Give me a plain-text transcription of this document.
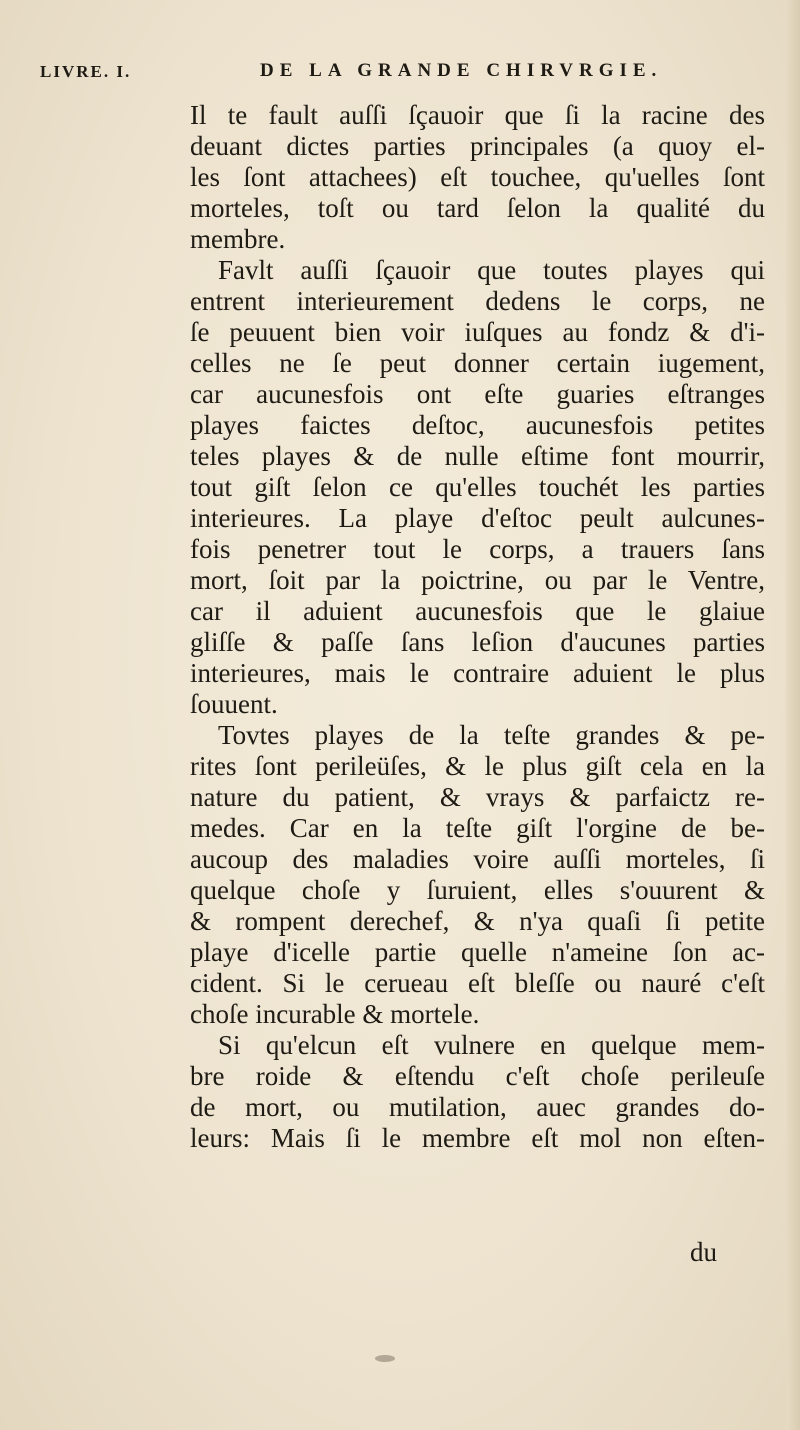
LIVRE. I.	DE LA GRANDE CHIRVRGIE.
Il te fault auſſi ſçauoir que ſi la racine des
deuant dictes parties principales (a quoy el-
les ſont attachees) eſt touchee, qu'uelles ſont
morteles, toſt ou tard ſelon la qualité du
membre.
Favlt auſſi ſçauoir que toutes playes qui
entrent interieurement dedens le corps, ne
ſe peuuent bien voir iuſques au fondz & d'i-
celles ne ſe peut donner certain iugement,
car aucunesfois ont eſte guaries eſtranges
playes faictes deſtoc, aucunesfois petites
teles playes & de nulle eſtime font mourrir,
tout giſt ſelon ce qu'elles touchét les parties
interieures. La playe d'eſtoc peult aulcunes-
fois penetrer tout le corps, a trauers ſans
mort, ſoit par la poictrine, ou par le Ventre,
car il aduient aucunesfois que le glaiue
gliſſe & paſſe ſans leſion d'aucunes parties
interieures, mais le contraire aduient le plus
ſouuent.
Tovtes playes de la teſte grandes & pe-
rites ſont perileüſes, & le plus giſt cela en la
nature du patient, & vrays & parfaictz re-
medes. Car en la teſte giſt l'orgine de be-
aucoup des maladies voire auſſi morteles, ſi
quelque choſe y ſuruient, elles s'ouurent &
& rompent derechef, & n'ya quaſi ſi petite
playe d'icelle partie quelle n'ameine ſon ac-
cident. Si le cerueau eſt bleſſe ou nauré c'eſt
choſe incurable & mortele.
Si qu'elcun eſt vulnere en quelque mem-
bre roide & eſtendu c'eſt choſe perileuſe
de mort, ou mutilation, auec grandes do-
leurs: Mais ſi le membre eſt mol non eſten-
du
